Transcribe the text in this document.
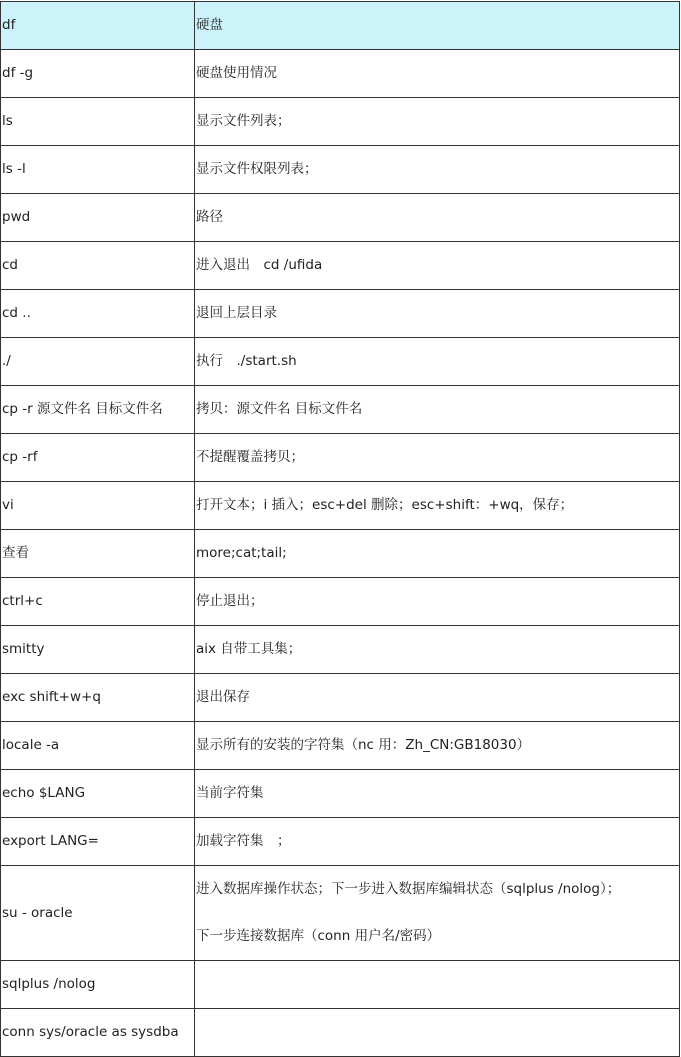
df	硬盘

df -g	硬盘使用情况

ls	显示文件列表；

ls -l	显示文件权限列表；

pwd	路径

cd	进入退出　cd /ufida

cd ..	退回上层目录

./	执行　./start.sh

cp -r 源文件名 目标文件名	拷贝：源文件名 目标文件名

cp -rf	不提醒覆盖拷贝；

vi	打开文本；i 插入；esc+del 删除；esc+shift：+wq，保存；

查看	more;cat;tail;

ctrl+c	停止退出；

smitty	aix 自带工具集；

exc shift+w+q	退出保存

locale -a	显示所有的安装的字符集（nc 用：Zh_CN:GB18030）

echo $LANG	当前字符集

export LANG=	加载字符集　；

su - oracle	进入数据库操作状态；下一步进入数据库编辑状态（sqlplus /nolog）；
下一步连接数据库（conn 用户名/密码）

sqlplus /nolog	

conn sys/oracle as sysdba	
